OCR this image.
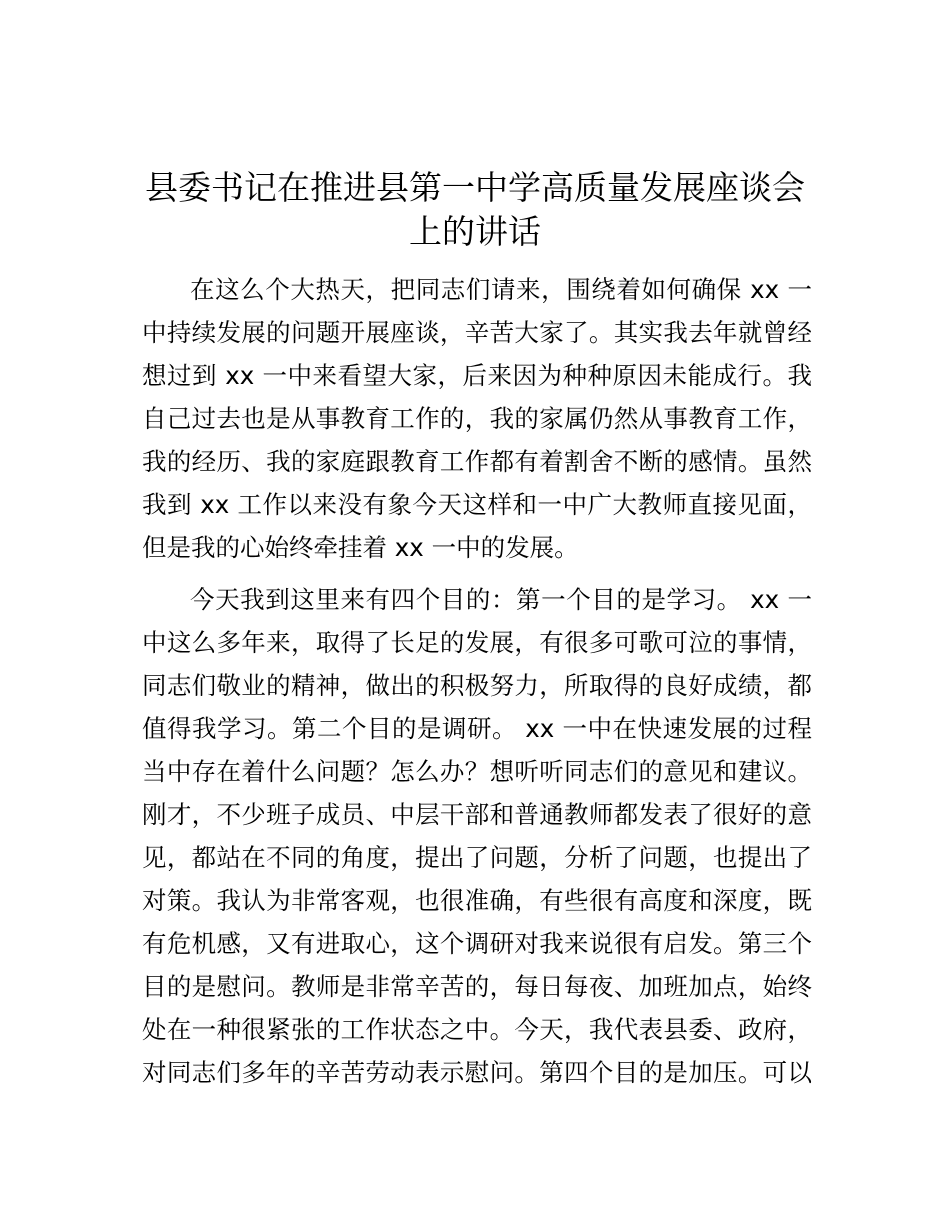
县委书记在推进县第一中学高质量发展座谈会
上的讲话

在这么个大热天，把同志们请来，围绕着如何确保 xx 一

中持续发展的问题开展座谈，辛苦大家了。其实我去年就曾经

想过到 xx 一中来看望大家，后来因为种种原因未能成行。我

自己过去也是从事教育工作的，我的家属仍然从事教育工作，

我的经历、我的家庭跟教育工作都有着割舍不断的感情。虽然

我到 xx 工作以来没有象今天这样和一中广大教师直接见面，

但是我的心始终牵挂着 xx 一中的发展。

今天我到这里来有四个目的：第一个目的是学习。 xx 一

中这么多年来，取得了长足的发展，有很多可歌可泣的事情，

同志们敬业的精神，做出的积极努力，所取得的良好成绩，都

值得我学习。第二个目的是调研。 xx 一中在快速发展的过程

当中存在着什么问题？怎么办？想听听同志们的意见和建议。

刚才，不少班子成员、中层干部和普通教师都发表了很好的意

见，都站在不同的角度，提出了问题，分析了问题，也提出了

对策。我认为非常客观，也很准确，有些很有高度和深度，既

有危机感，又有进取心，这个调研对我来说很有启发。第三个

目的是慰问。教师是非常辛苦的，每日每夜、加班加点，始终

处在一种很紧张的工作状态之中。今天，我代表县委、政府，

对同志们多年的辛苦劳动表示慰问。第四个目的是加压。可以
